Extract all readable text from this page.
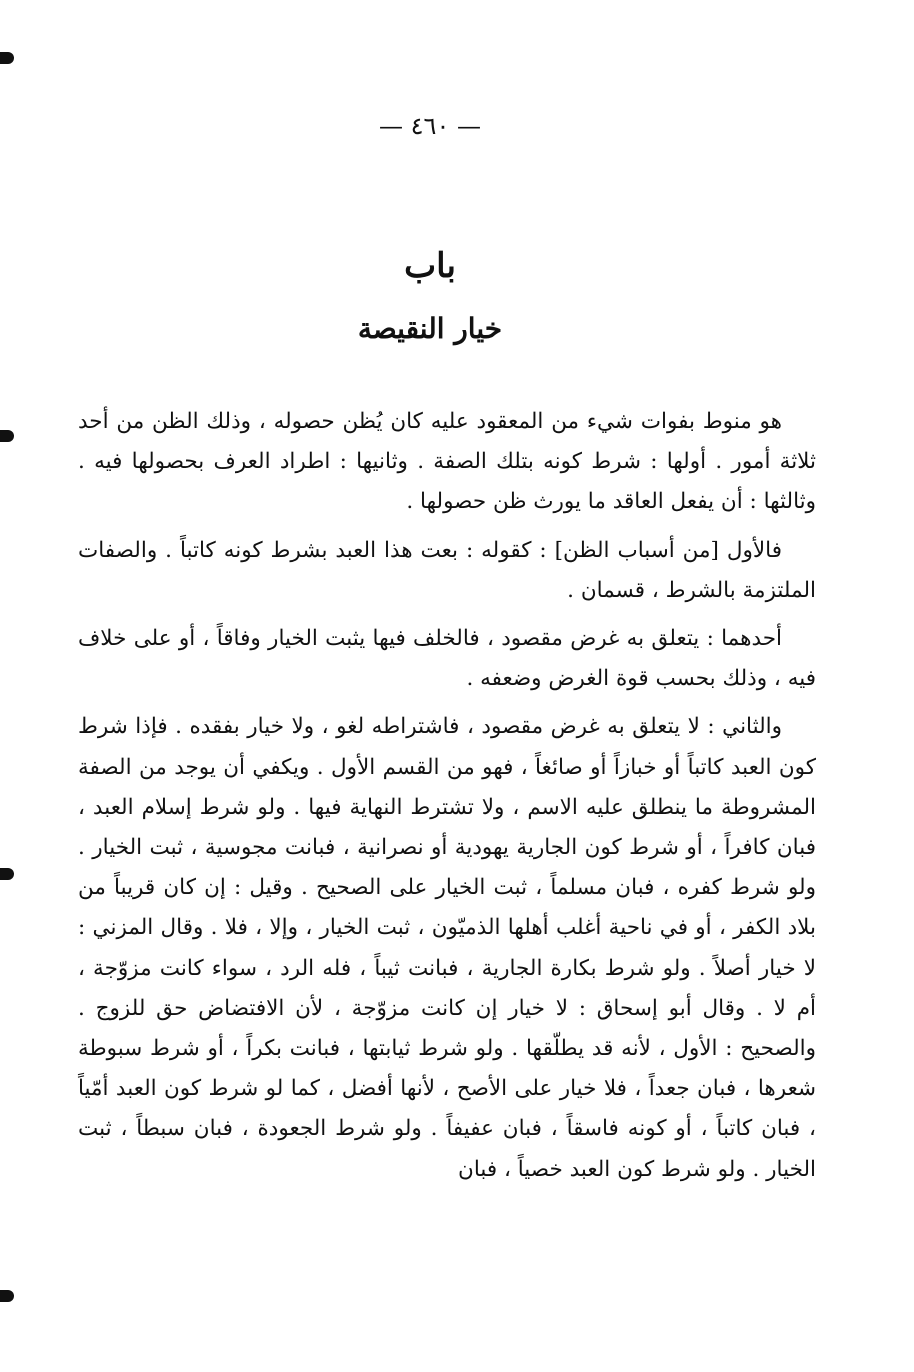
— ٤٦٠ —
باب
خيار النقيصة

هو منوط بفوات شيء من المعقود عليه كان يُظن حصوله ، وذلك الظن من أحد ثلاثة أمور . أولها : شرط كونه بتلك الصفة . وثانيها : اطراد العرف بحصولها فيه . وثالثها : أن يفعل العاقد ما يورث ظن حصولها .

فالأول [من أسباب الظن] : كقوله : بعت هذا العبد بشرط كونه كاتباً . والصفات الملتزمة بالشرط ، قسمان .

أحدهما : يتعلق به غرض مقصود ، فالخلف فيها يثبت الخيار وفاقاً ، أو على خلاف فيه ، وذلك بحسب قوة الغرض وضعفه .

والثاني : لا يتعلق به غرض مقصود ، فاشتراطه لغو ، ولا خيار بفقده . فإذا شرط كون العبد كاتباً أو خبازاً أو صائغاً ، فهو من القسم الأول . ويكفي أن يوجد من الصفة المشروطة ما ينطلق عليه الاسم ، ولا تشترط النهاية فيها . ولو شرط إسلام العبد ، فبان كافراً ، أو شرط كون الجارية يهودية أو نصرانية ، فبانت مجوسية ، ثبت الخيار . ولو شرط كفره ، فبان مسلماً ، ثبت الخيار على الصحيح . وقيل : إن كان قريباً من بلاد الكفر ، أو في ناحية أغلب أهلها الذميّون ، ثبت الخيار ، وإلا ، فلا . وقال المزني : لا خيار أصلاً . ولو شرط بكارة الجارية ، فبانت ثيباً ، فله الرد ، سواء كانت مزوّجة ، أم لا . وقال أبو إسحاق : لا خيار إن كانت مزوّجة ، لأن الافتضاض حق للزوج . والصحيح : الأول ، لأنه قد يطلّقها . ولو شرط ثيابتها ، فبانت بكراً ، أو شرط سبوطة شعرها ، فبان جعداً ، فلا خيار على الأصح ، لأنها أفضل ، كما لو شرط كون العبد أمّياً ، فبان كاتباً ، أو كونه فاسقاً ، فبان عفيفاً . ولو شرط الجعودة ، فبان سبطاً ، ثبت الخيار . ولو شرط كون العبد خصياً ، فبان
